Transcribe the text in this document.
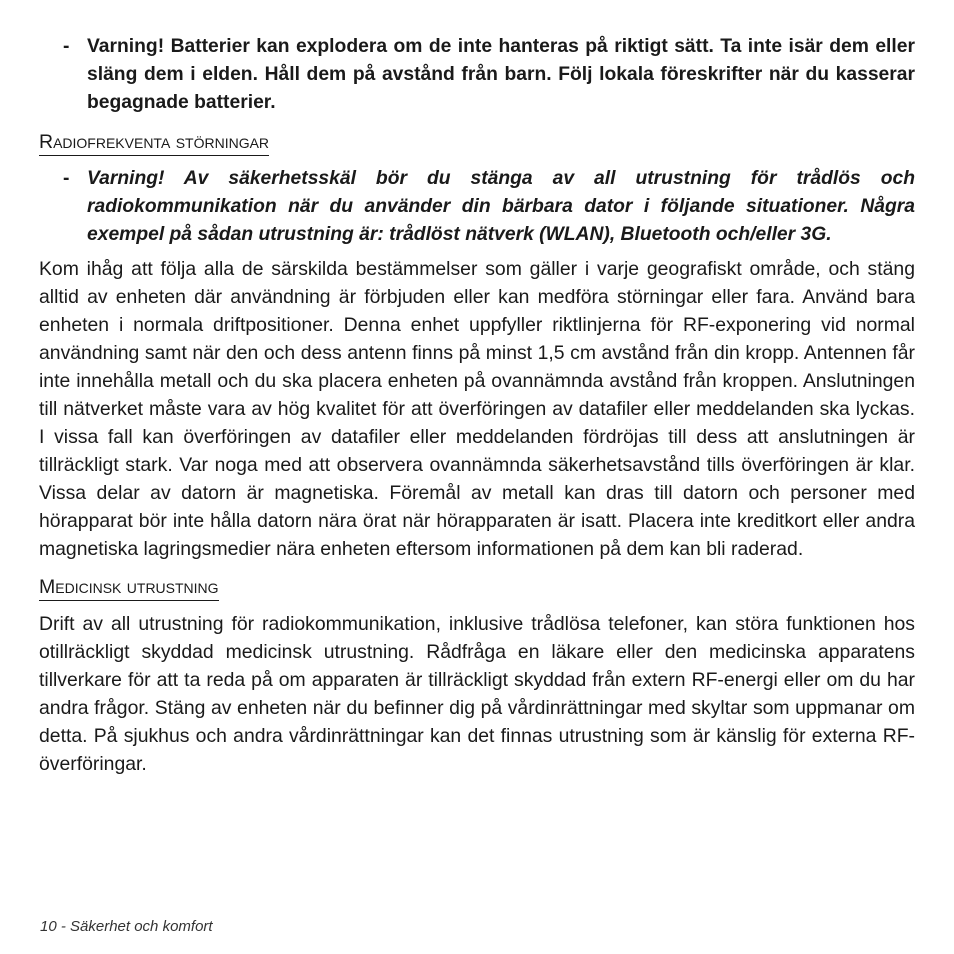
- Varning! Batterier kan explodera om de inte hanteras på riktigt sätt. Ta inte isär dem eller släng dem i elden. Håll dem på avstånd från barn. Följ lokala föreskrifter när du kasserar begagnade batterier.

Radiofrekventa störningar

- Varning! Av säkerhetsskäl bör du stänga av all utrustning för trådlös och radiokommunikation när du använder din bärbara dator i följande situationer. Några exempel på sådan utrustning är: trådlöst nätverk (WLAN), Bluetooth och/eller 3G.

Kom ihåg att följa alla de särskilda bestämmelser som gäller i varje geografiskt område, och stäng alltid av enheten där användning är förbjuden eller kan medföra störningar eller fara. Använd bara enheten i normala driftpositioner. Denna enhet uppfyller riktlinjerna för RF-exponering vid normal användning samt när den och dess antenn finns på minst 1,5 cm avstånd från din kropp. Antennen får inte innehålla metall och du ska placera enheten på ovannämnda avstånd från kroppen. Anslutningen till nätverket måste vara av hög kvalitet för att överföringen av datafiler eller meddelanden ska lyckas. I vissa fall kan överföringen av datafiler eller meddelanden fördröjas till dess att anslutningen är tillräckligt stark. Var noga med att observera ovannämnda säkerhetsavstånd tills överföringen är klar. Vissa delar av datorn är magnetiska. Föremål av metall kan dras till datorn och personer med hörapparat bör inte hålla datorn nära örat när hörapparaten är isatt. Placera inte kreditkort eller andra magnetiska lagringsmedier nära enheten eftersom informationen på dem kan bli raderad.

Medicinsk utrustning

Drift av all utrustning för radiokommunikation, inklusive trådlösa telefoner, kan störa funktionen hos otillräckligt skyddad medicinsk utrustning. Rådfråga en läkare eller den medicinska apparatens tillverkare för att ta reda på om apparaten är tillräckligt skyddad från extern RF-energi eller om du har andra frågor. Stäng av enheten när du befinner dig på vårdinrättningar med skyltar som uppmanar om detta. På sjukhus och andra vårdinrättningar kan det finnas utrustning som är känslig för externa RF-överföringar.

10 - Säkerhet och komfort
